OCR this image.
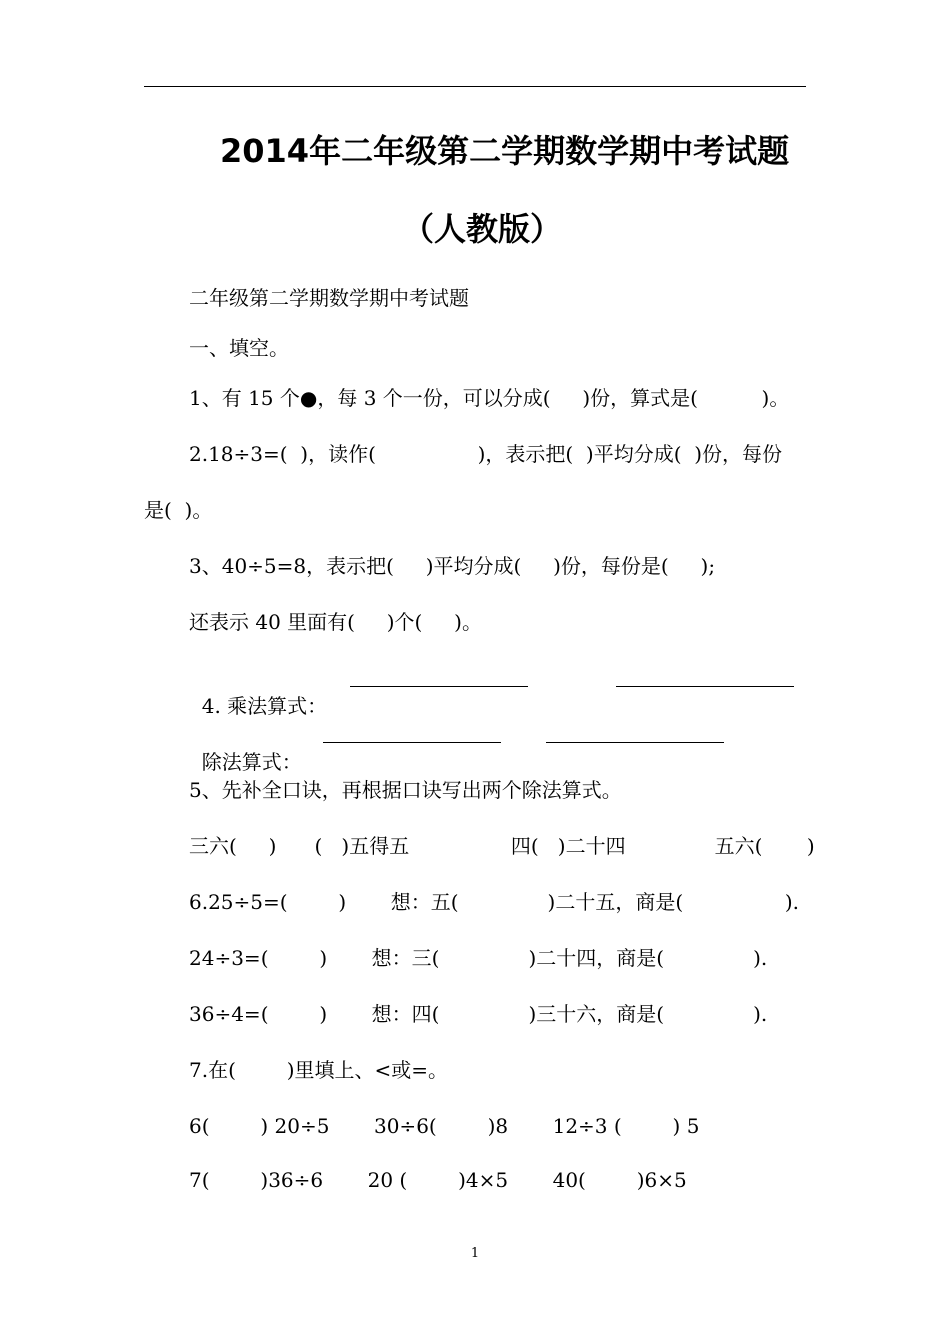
2014年二年级第二学期数学期中考试题
（人教版）
二年级第二学期数学期中考试题
一、填空。
1、有 15 个●，每 3 个一份，可以分成(     )份，算式是(          )。
2.18÷3=(  )，读作(                )，表示把(  )平均分成(  )份，每份
是(  )。
3、40÷5=8，表示把(     )平均分成(     )份，每份是(     );
还表示 40 里面有(     )个(     )。

4. 乘法算式：

除法算式：

5、先补全口诀，再根据口诀写出两个除法算式。
三六(     )      (   )五得五                四(   )二十四              五六(       )
6.25÷5=(        )       想：五(              )二十五，商是(                ).
24÷3=(        )       想：三(              )二十四，商是(              ).
36÷4=(        )       想：四(              )三十六，商是(              ).
7.在(        )里填上、<或=。
6(        ) 20÷5       30÷6(        )8       12÷3 (        ) 5
7(        )36÷6       20 (        )4×5       40(        )6×5
1
